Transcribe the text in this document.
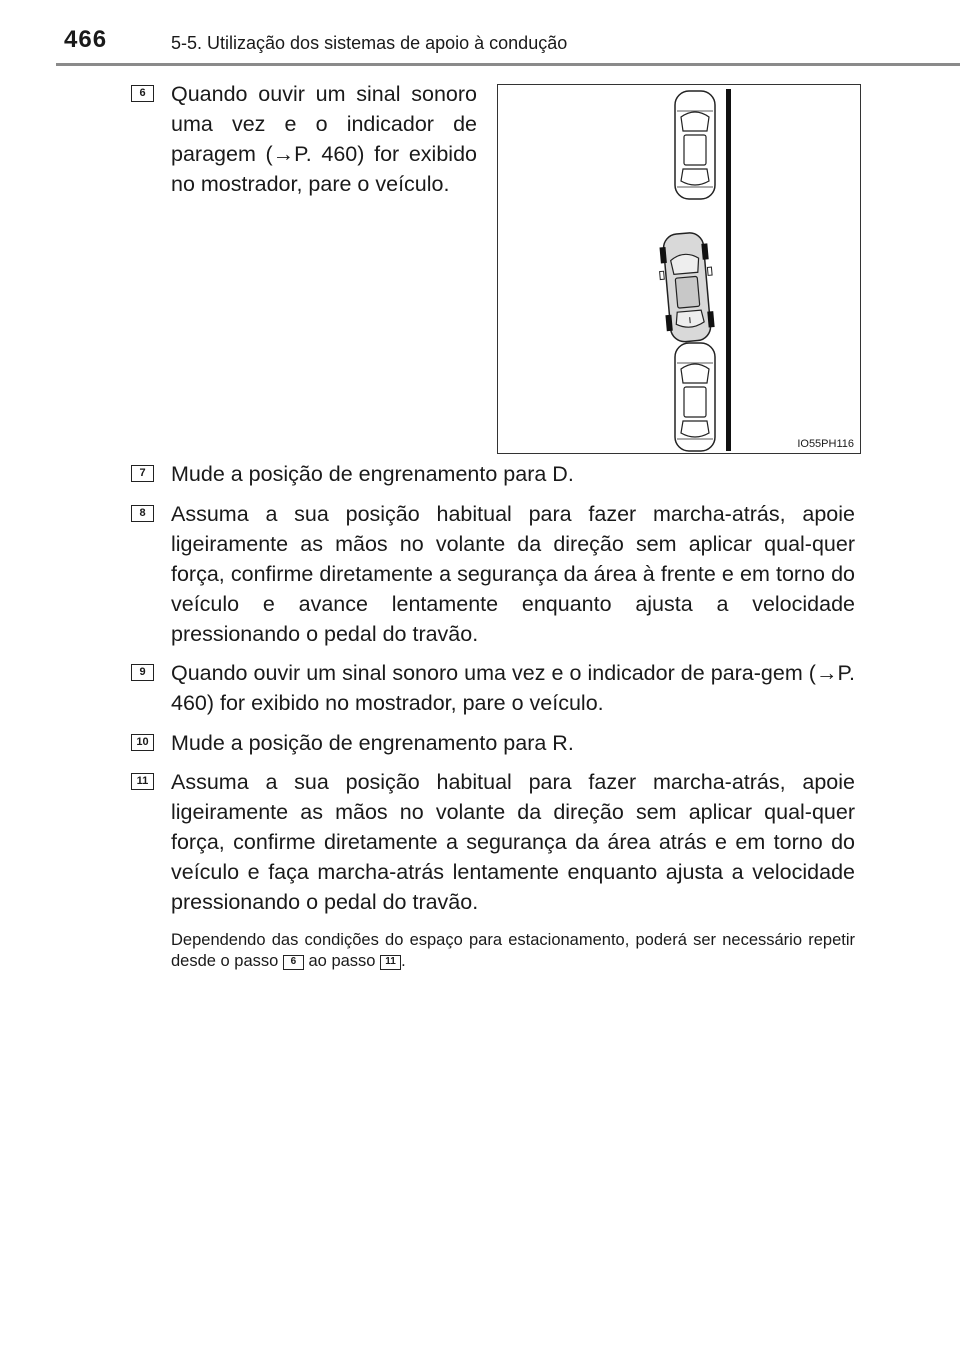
466	5-5. Utilização dos sistemas de apoio à condução
6	Quando ouvir um sinal sonoro uma vez e o indicador de paragem (→P. 460) for exibido no mostrador, pare o veículo.
IO55PH116
7	Mude a posição de engrenamento para D.
8	Assuma a sua posição habitual para fazer marcha-atrás, apoie ligeiramente as mãos no volante da direção sem aplicar qual-quer força, confirme diretamente a segurança da área à frente e em torno do veículo e avance lentamente enquanto ajusta a velocidade pressionando o pedal do travão.
9	Quando ouvir um sinal sonoro uma vez e o indicador de para-gem (→P. 460) for exibido no mostrador, pare o veículo.
10 Mude a posição de engrenamento para R.
11 Assuma a sua posição habitual para fazer marcha-atrás, apoie ligeiramente as mãos no volante da direção sem aplicar qual-quer força, confirme diretamente a segurança da área atrás e em torno do veículo e faça marcha-atrás lentamente enquanto ajusta a velocidade pressionando o pedal do travão.
Dependendo das condições do espaço para estacionamento, poderá ser necessário repetir desde o passo 6 ao passo 11 .
